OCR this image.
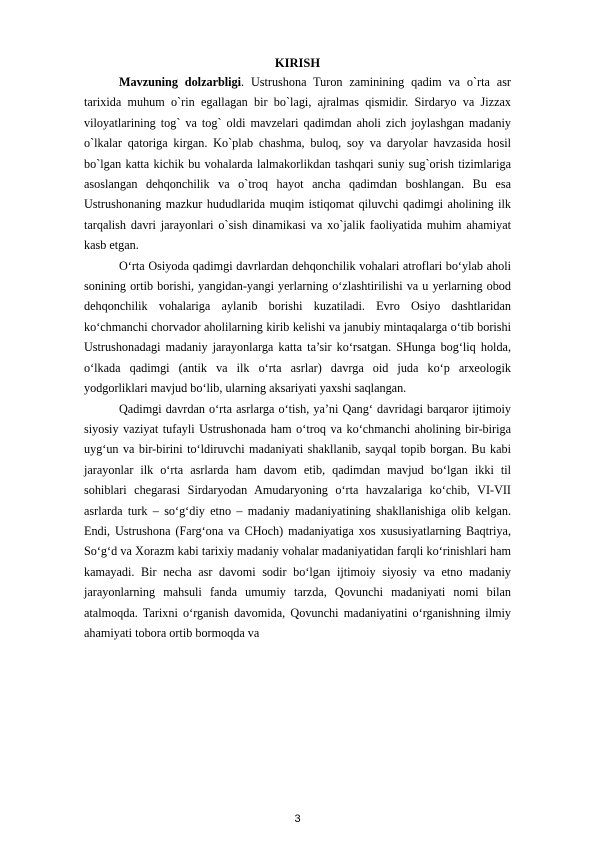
KIRISH

Mavzuning dolzarbligi. Ustrushona Turon zaminining qadim va o`rta asr tarixida muhum o`rin egallagan bir bo`lagi, ajralmas qismidir. Sirdaryo va Jizzax viloyatlarining tog` va tog` oldi mavzelari qadimdan aholi zich joylashgan madaniy o`lkalar qatoriga kirgan. Ko`plab chashma, buloq, soy va daryolar havzasida hosil bo`lgan katta kichik bu vohalarda lalmakorlikdan tashqari suniy sug`orish tizimlariga asoslangan dehqonchilik va o`troq hayot ancha qadimdan boshlangan. Bu esa Ustrushonaning mazkur hududlarida muqim istiqomat qiluvchi qadimgi aholining ilk tarqalish davri jarayonlari o`sish dinamikasi va xo`jalik faoliyatida muhim ahamiyat kasb etgan.

O‘rta Osiyoda qadimgi davrlardan dehqonchilik vohalari atroflari bo‘ylab aholi sonining ortib borishi, yangidan-yangi yerlarning o‘zlashtirilishi va u yerlarning obod dehqonchilik vohalariga aylanib borishi kuzatiladi. Evro Osiyo dashtlaridan ko‘chmanchi chorvador aholilarning kirib kelishi va janubiy mintaqalarga o‘tib borishi Ustrushonadagi madaniy jarayonlarga katta ta’sir ko‘rsatgan. SHunga bog‘liq holda, o‘lkada qadimgi (antik va ilk o‘rta asrlar) davrga oid juda ko‘p arxeologik yodgorliklari mavjud bo‘lib, ularning aksariyati yaxshi saqlangan.

Qadimgi davrdan o‘rta asrlarga o‘tish, ya’ni Qang‘ davridagi barqaror ijtimoiy siyosiy vaziyat tufayli Ustrushonada ham o‘troq va ko‘chmanchi aholining bir-biriga uyg‘un va bir-birini to‘ldiruvchi madaniyati shakllanib, sayqal topib borgan. Bu kabi jarayonlar ilk o‘rta asrlarda ham davom etib, qadimdan mavjud bo‘lgan ikki til sohiblari chegarasi Sirdaryodan Amudaryoning o‘rta havzalariga ko‘chib, VI-VII asrlarda turk – so‘g‘diy etno – madaniy madaniyatining shakllanishiga olib kelgan. Endi, Ustrushona (Farg‘ona va CHoch) madaniyatiga xos xususiyatlarning Baqtriya, So‘g‘d va Xorazm kabi tarixiy madaniy vohalar madaniyatidan farqli ko‘rinishlari ham kamayadi. Bir necha asr davomi sodir bo‘lgan ijtimoiy siyosiy va etno madaniy jarayonlarning mahsuli fanda umumiy tarzda, Qovunchi madaniyati nomi bilan atalmoqda. Tarixni o‘rganish davomida, Qovunchi madaniyatini o‘rganishning ilmiy ahamiyati tobora ortib bormoqda va

3
